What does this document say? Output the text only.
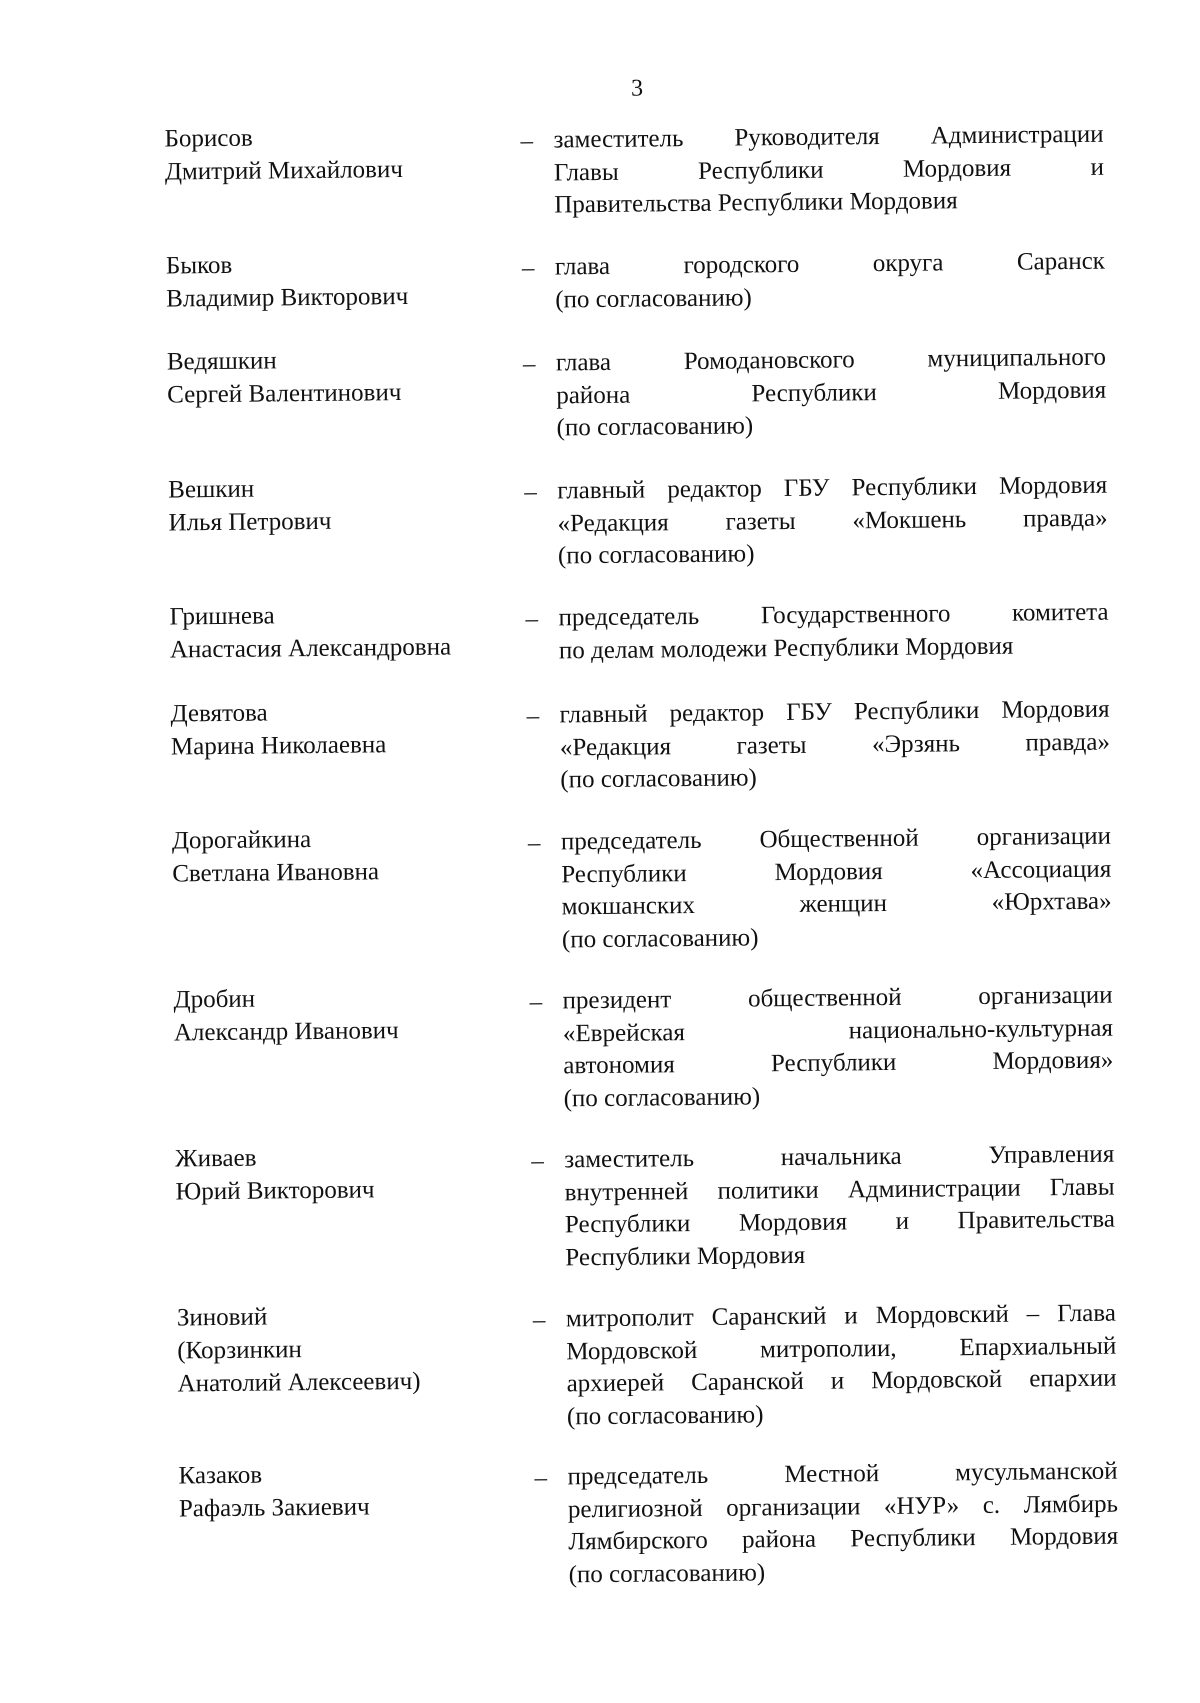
3
Борисов
Дмитрий Михайлович
– заместитель Руководителя Администрации
Главы Республики Мордовия и
Правительства Республики Мордовия
Быков
Владимир Викторович
– глава городского округа Саранск
(по согласованию)
Ведяшкин
Сергей Валентинович
– глава Ромодановского муниципального
района Республики Мордовия
(по согласованию)
Вешкин
Илья Петрович
– главный редактор ГБУ Республики Мордовия
«Редакция газеты «Мокшень правда»
(по согласованию)
Гришнева
Анастасия Александровна
– председатель Государственного комитета
по делам молодежи Республики Мордовия
Девятова
Марина Николаевна
– главный редактор ГБУ Республики Мордовия
«Редакция газеты «Эрзянь правда»
(по согласованию)
Дорогайкина
Светлана Ивановна
– председатель Общественной организации
Республики Мордовия «Ассоциация
мокшанских женщин «Юрхтава»
(по согласованию)
Дробин
Александр Иванович
– президент общественной организации
«Еврейская национально-культурная
автономия Республики Мордовия»
(по согласованию)
Живаев
Юрий Викторович
– заместитель начальника Управления
внутренней политики Администрации Главы
Республики Мордовия и Правительства
Республики Мордовия
Зиновий
(Корзинкин
Анатолий Алексеевич)
– митрополит Саранский и Мордовский – Глава
Мордовской митрополии, Епархиальный
архиерей Саранской и Мордовской епархии
(по согласованию)
Казаков
Рафаэль Закиевич
– председатель Местной мусульманской
религиозной организации «НУР» с. Лямбирь
Лямбирского района Республики Мордовия
(по согласованию)
